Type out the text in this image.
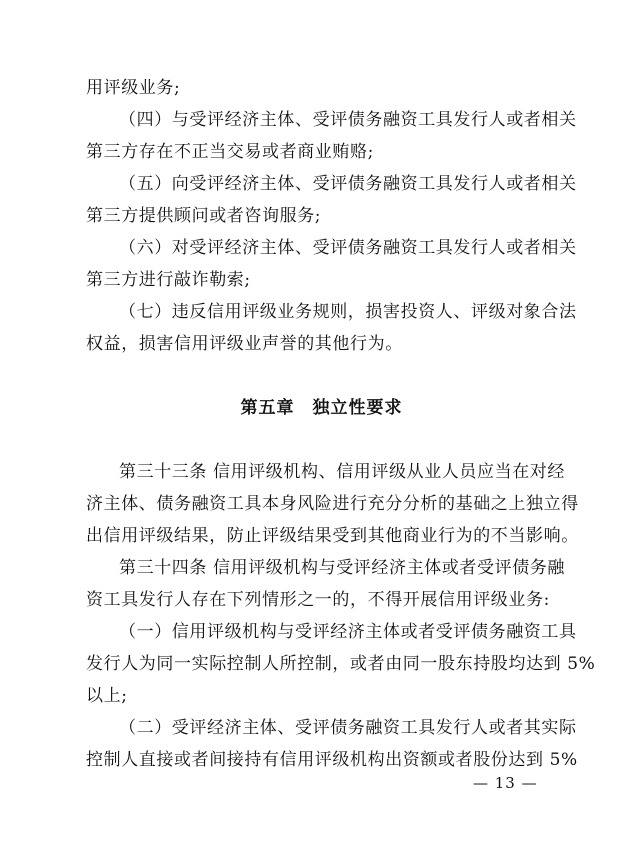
用评级业务;
（四）与受评经济主体、受评债务融资工具发行人或者相关
第三方存在不正当交易或者商业贿赂;
（五）向受评经济主体、受评债务融资工具发行人或者相关
第三方提供顾问或者咨询服务;
（六）对受评经济主体、受评债务融资工具发行人或者相关
第三方进行敲诈勒索;
（七）违反信用评级业务规则，损害投资人、评级对象合法
权益，损害信用评级业声誉的其他行为。
第五章　独立性要求
第三十三条 信用评级机构、信用评级从业人员应当在对经
济主体、债务融资工具本身风险进行充分分析的基础之上独立得
出信用评级结果，防止评级结果受到其他商业行为的不当影响。
第三十四条 信用评级机构与受评经济主体或者受评债务融
资工具发行人存在下列情形之一的，不得开展信用评级业务:
（一）信用评级机构与受评经济主体或者受评债务融资工具
发行人为同一实际控制人所控制，或者由同一股东持股均达到 5%
以上;
（二）受评经济主体、受评债务融资工具发行人或者其实际
控制人直接或者间接持有信用评级机构出资额或者股份达到 5%
— 13 —
